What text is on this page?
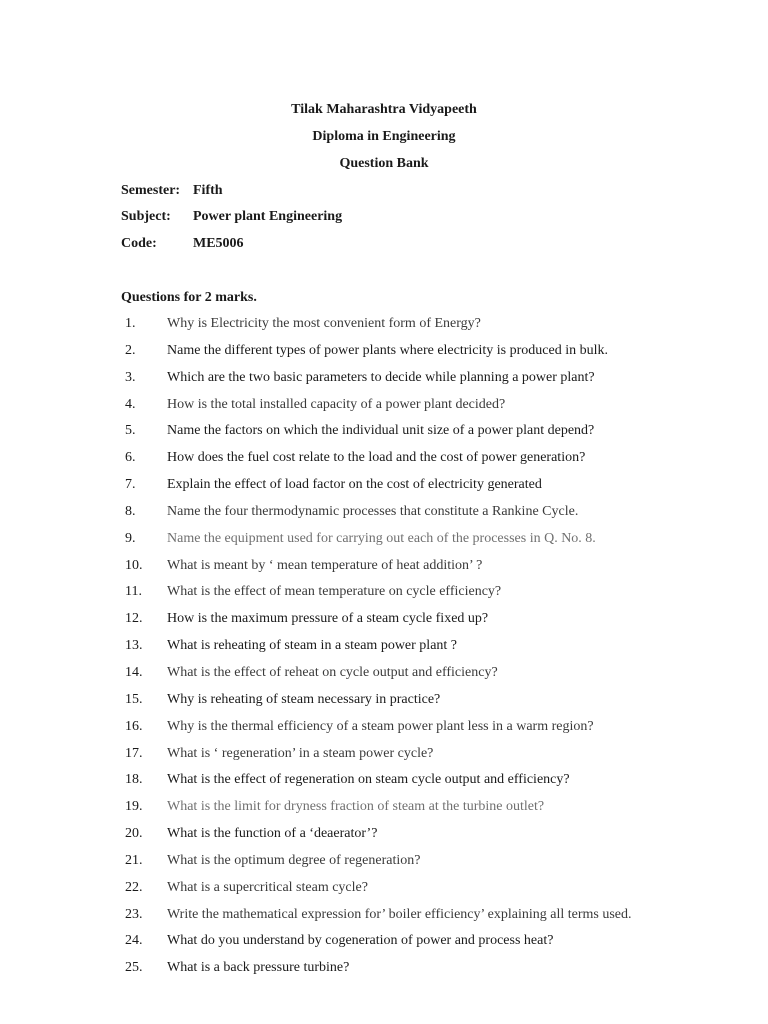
Tilak Maharashtra Vidyapeeth
Diploma in Engineering
Question Bank
Semester: Fifth
Subject: Power plant Engineering
Code:	ME5006
Questions for 2 marks.
1. Why is Electricity the most convenient form of Energy?
2. Name the different types of power plants where electricity is produced in bulk.
3. Which are the two basic parameters to decide while planning a power plant?
4. How is the total installed capacity of a power plant decided?
5. Name the factors on which the individual unit size of a power plant depend?
6. How does the fuel cost relate to the load and the cost of power generation?
7. Explain the effect of load factor on the cost of electricity generated
8. Name the four thermodynamic processes that constitute a Rankine Cycle.
9. Name the equipment used for carrying out each of the processes in Q. No. 8.
10. What is meant by ‘ mean temperature of heat addition’ ?
11. What is the effect of mean temperature on cycle efficiency?
12. How is the maximum pressure of a steam cycle fixed up?
13. What is reheating of steam in a steam power plant ?
14. What is the effect of reheat on cycle output and efficiency?
15. Why is reheating of steam necessary in practice?
16. Why is the thermal efficiency of a steam power plant less in a warm region?
17. What is ‘ regeneration’ in a steam power cycle?
18. What is the effect of regeneration on steam cycle output and efficiency?
19. What is the limit for dryness fraction of steam at the turbine outlet?
20. What is the function of a ‘deaerator’?
21. What is the optimum degree of regeneration?
22. What is a supercritical steam cycle?
23. Write the mathematical expression for’ boiler efficiency’ explaining all terms used.
24. What do you understand by cogeneration of power and process heat?
25. What is a back pressure turbine?
